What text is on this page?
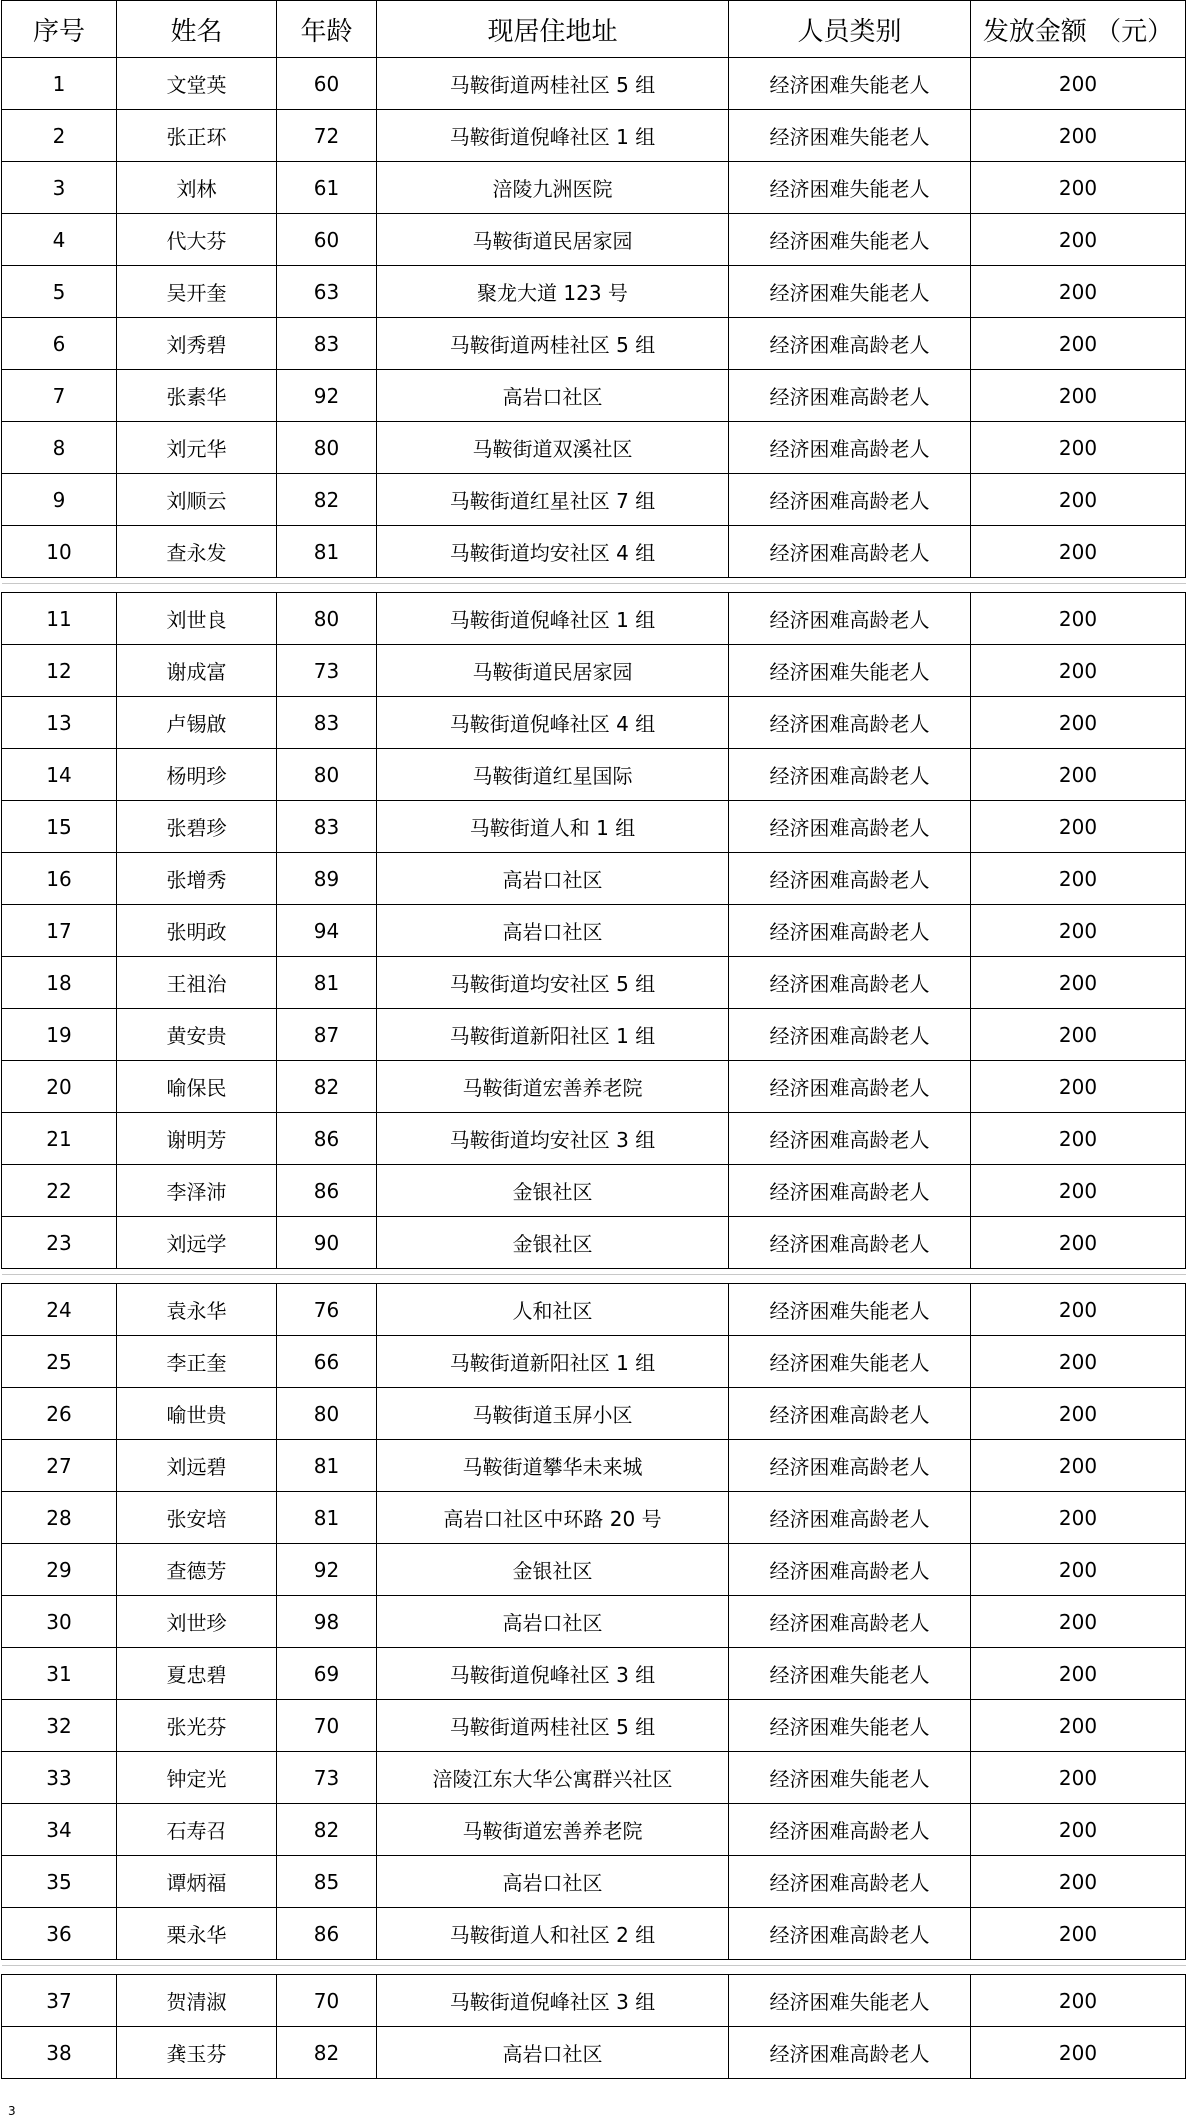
序号	姓名	年龄	现居住地址	人员类别	发放金额 （元）
1	文堂英	60	马鞍街道两桂社区 5 组	经济困难失能老人	200
2	张正环	72	马鞍街道倪峰社区 1 组	经济困难失能老人	200
3	刘林	61	涪陵九洲医院	经济困难失能老人	200
4	代大芬	60	马鞍街道民居家园	经济困难失能老人	200
5	吴开奎	63	聚龙大道 123 号	经济困难失能老人	200
6	刘秀碧	83	马鞍街道两桂社区 5 组	经济困难高龄老人	200
7	张素华	92	高岩口社区	经济困难高龄老人	200
8	刘元华	80	马鞍街道双溪社区	经济困难高龄老人	200
9	刘顺云	82	马鞍街道红星社区 7 组	经济困难高龄老人	200
10	查永发	81	马鞍街道均安社区 4 组	经济困难高龄老人	200

11	刘世良	80	马鞍街道倪峰社区 1 组	经济困难高龄老人	200
12	谢成富	73	马鞍街道民居家园	经济困难失能老人	200
13	卢锡啟	83	马鞍街道倪峰社区 4 组	经济困难高龄老人	200
14	杨明珍	80	马鞍街道红星国际	经济困难高龄老人	200
15	张碧珍	83	马鞍街道人和 1 组	经济困难高龄老人	200
16	张增秀	89	高岩口社区	经济困难高龄老人	200
17	张明政	94	高岩口社区	经济困难高龄老人	200
18	王祖治	81	马鞍街道均安社区 5 组	经济困难高龄老人	200
19	黄安贵	87	马鞍街道新阳社区 1 组	经济困难高龄老人	200
20	喻保民	82	马鞍街道宏善养老院	经济困难高龄老人	200
21	谢明芳	86	马鞍街道均安社区 3 组	经济困难高龄老人	200
22	李泽沛	86	金银社区	经济困难高龄老人	200
23	刘远学	90	金银社区	经济困难高龄老人	200

24	袁永华	76	人和社区	经济困难失能老人	200
25	李正奎	66	马鞍街道新阳社区 1 组	经济困难失能老人	200
26	喻世贵	80	马鞍街道玉屏小区	经济困难高龄老人	200
27	刘远碧	81	马鞍街道攀华未来城	经济困难高龄老人	200
28	张安培	81	高岩口社区中环路 20 号	经济困难高龄老人	200
29	查德芳	92	金银社区	经济困难高龄老人	200
30	刘世珍	98	高岩口社区	经济困难高龄老人	200
31	夏忠碧	69	马鞍街道倪峰社区 3 组	经济困难失能老人	200
32	张光芬	70	马鞍街道两桂社区 5 组	经济困难失能老人	200
33	钟定光	73	涪陵江东大华公寓群兴社区	经济困难失能老人	200
34	石寿召	82	马鞍街道宏善养老院	经济困难高龄老人	200
35	谭炳福	85	高岩口社区	经济困难高龄老人	200
36	栗永华	86	马鞍街道人和社区 2 组	经济困难高龄老人	200

37	贺清淑	70	马鞍街道倪峰社区 3 组	经济困难失能老人	200
38	龚玉芬	82	高岩口社区	经济困难高龄老人	200
3
